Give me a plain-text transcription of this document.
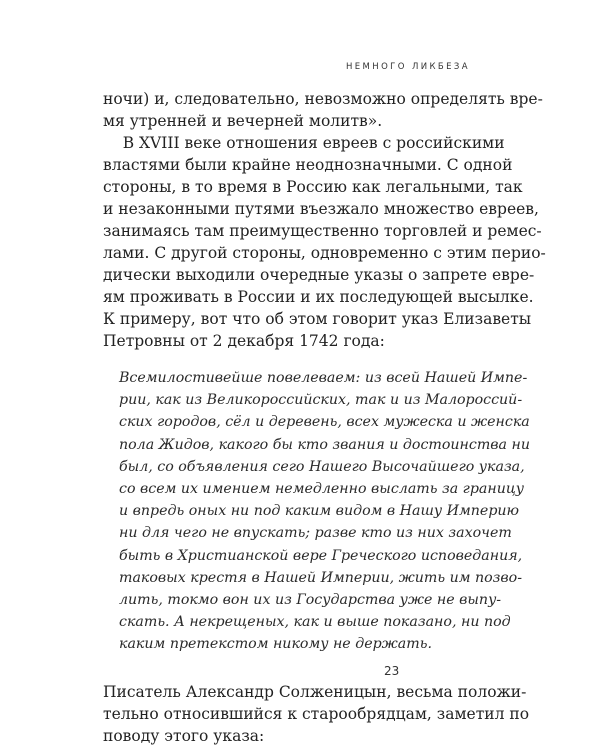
НЕМНОГО ЛИКБЕЗА
ночи) и, следовательно, невозможно определять вре-
мя утренней и вечерней молитв».
В XVIII веке отношения евреев с российскими
властями были крайне неоднозначными. С одной
стороны, в то время в Россию как легальными, так
и незаконными путями въезжало множество евреев,
занимаясь там преимущественно торговлей и ремес-
лами. С другой стороны, одновременно с этим перио-
дически выходили очередные указы о запрете евре-
ям проживать в России и их последующей высылке.
К примеру, вот что об этом говорит указ Елизаветы
Петровны от 2 декабря 1742 года:
Всемилостивейше повелеваем: из всей Нашей Импе-
рии, как из Великороссийских, так и из Малороссий-
ских городов, сёл и деревень, всех мужеска и женска
пола Жидов, какого бы кто звания и достоинства ни
был, со объявления сего Нашего Высочайшего указа,
со всем их имением немедленно выслать за границу
и впредь оных ни под каким видом в Нашу Империю
ни для чего не впускать; разве кто из них захочет
быть в Христианской вере Греческого исповедания,
таковых крестя в Нашей Империи, жить им позво-
лить, токмо вон их из Государства уже не выпу-
скать. А некрещеных, как и выше показано, ни под
каким претекстом никому не держать.
Писатель Александр Солженицын, весьма положи-
тельно относившийся к старообрядцам, заметил по
поводу этого указа:
23
